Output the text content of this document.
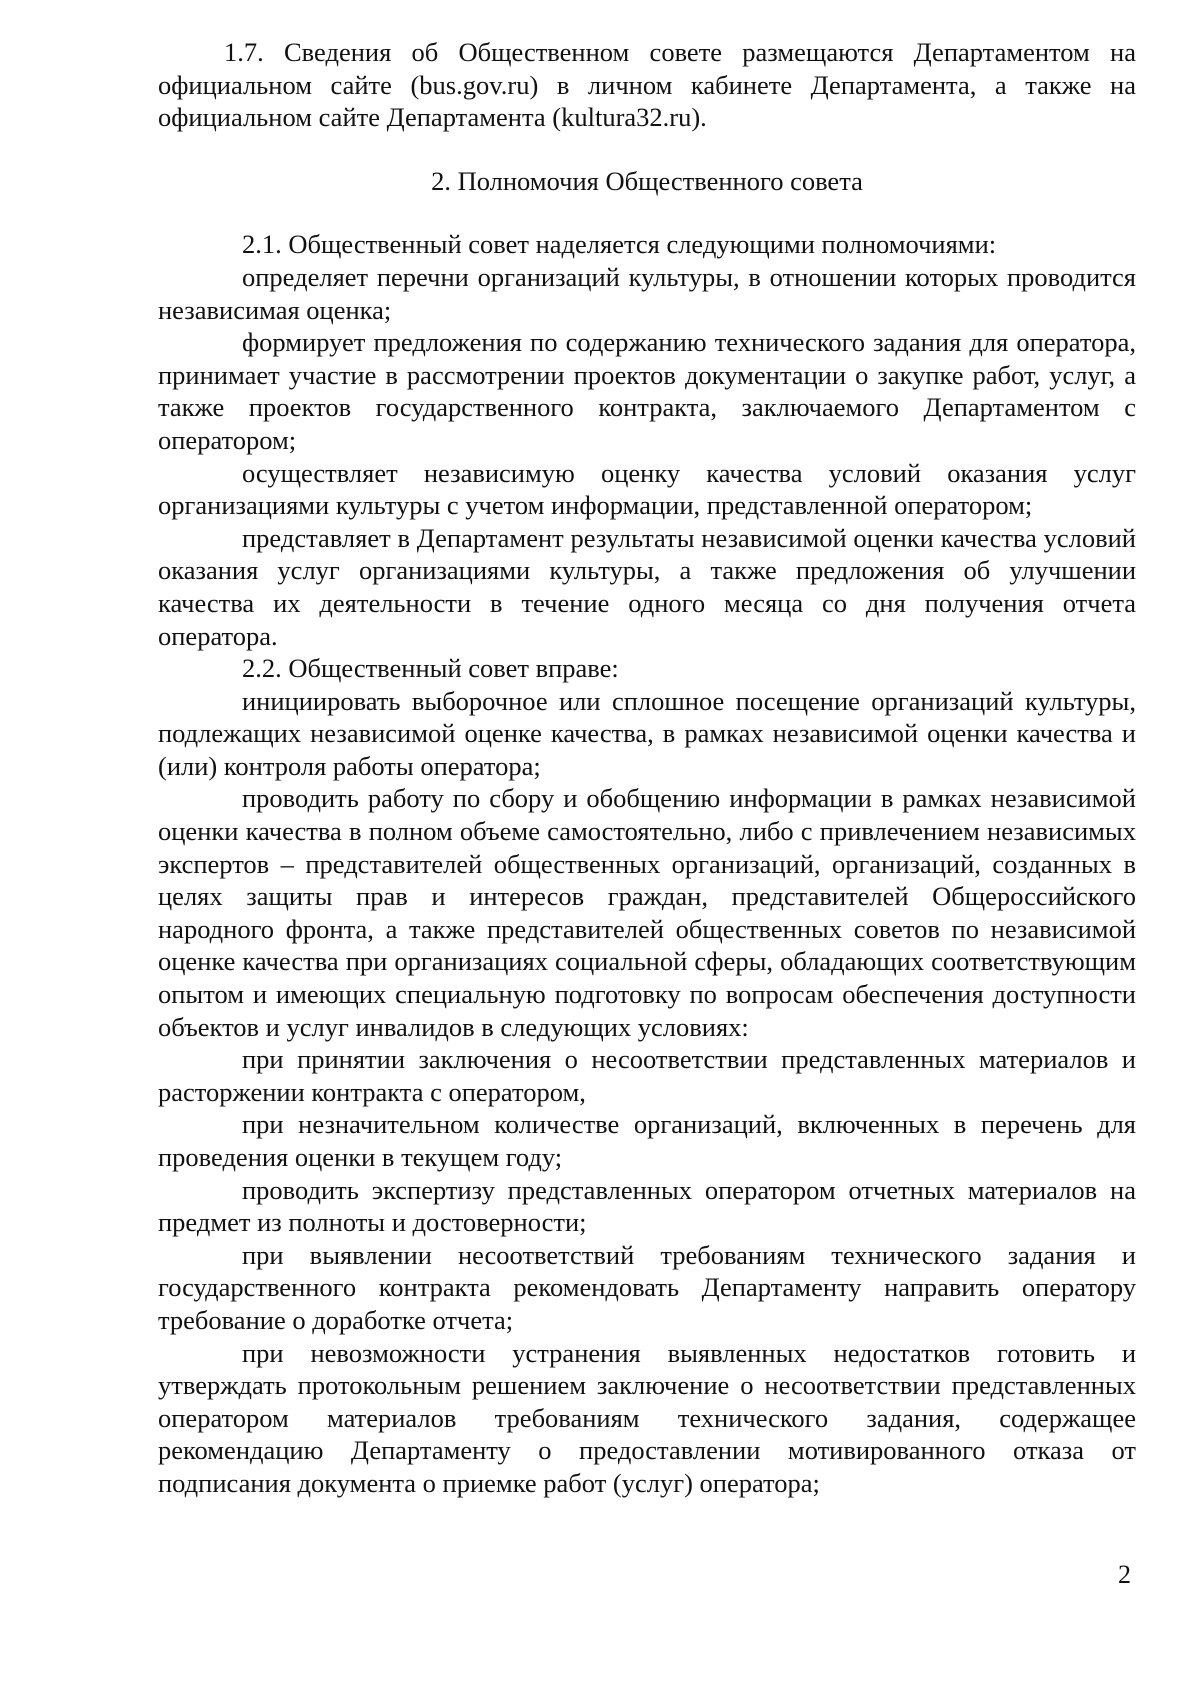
1.7. Сведения об Общественном совете размещаются Департаментом на официальном сайте (bus.gov.ru) в личном кабинете Департамента, а также на официальном сайте Департамента (kultura32.ru).

2. Полномочия Общественного совета

2.1. Общественный совет наделяется следующими полномочиями:

определяет перечни организаций культуры, в отношении которых проводится независимая оценка;

формирует предложения по содержанию технического задания для оператора, принимает участие в рассмотрении проектов документации о закупке работ, услуг, а также проектов государственного контракта, заключаемого Департаментом с оператором;

осуществляет независимую оценку качества условий оказания услуг организациями культуры с учетом информации, представленной оператором;

представляет в Департамент результаты независимой оценки качества условий оказания услуг организациями культуры, а также предложения об улучшении качества их деятельности в течение одного месяца со дня получения отчета оператора.

2.2. Общественный совет вправе:

инициировать выборочное или сплошное посещение организаций культуры, подлежащих независимой оценке качества, в рамках независимой оценки качества и (или) контроля работы оператора;

проводить работу по сбору и обобщению информации в рамках независимой оценки качества в полном объеме самостоятельно, либо с привлечением независимых экспертов – представителей общественных организаций, организаций, созданных в целях защиты прав и интересов граждан, представителей Общероссийского народного фронта, а также представителей общественных советов по независимой оценке качества при организациях социальной сферы, обладающих соответствующим опытом и имеющих специальную подготовку по вопросам обеспечения доступности объектов и услуг инвалидов в следующих условиях:

при принятии заключения о несоответствии представленных материалов и расторжении контракта с оператором,

при незначительном количестве организаций, включенных в перечень для проведения оценки в текущем году;

проводить экспертизу представленных оператором отчетных материалов на предмет из полноты и достоверности;

при выявлении несоответствий требованиям технического задания и государственного контракта рекомендовать Департаменту направить оператору требование о доработке отчета;

при невозможности устранения выявленных недостатков готовить и утверждать протокольным решением заключение о несоответствии представленных оператором материалов требованиям технического задания, содержащее рекомендацию Департаменту о предоставлении мотивированного отказа от подписания документа о приемке работ (услуг) оператора;

2
